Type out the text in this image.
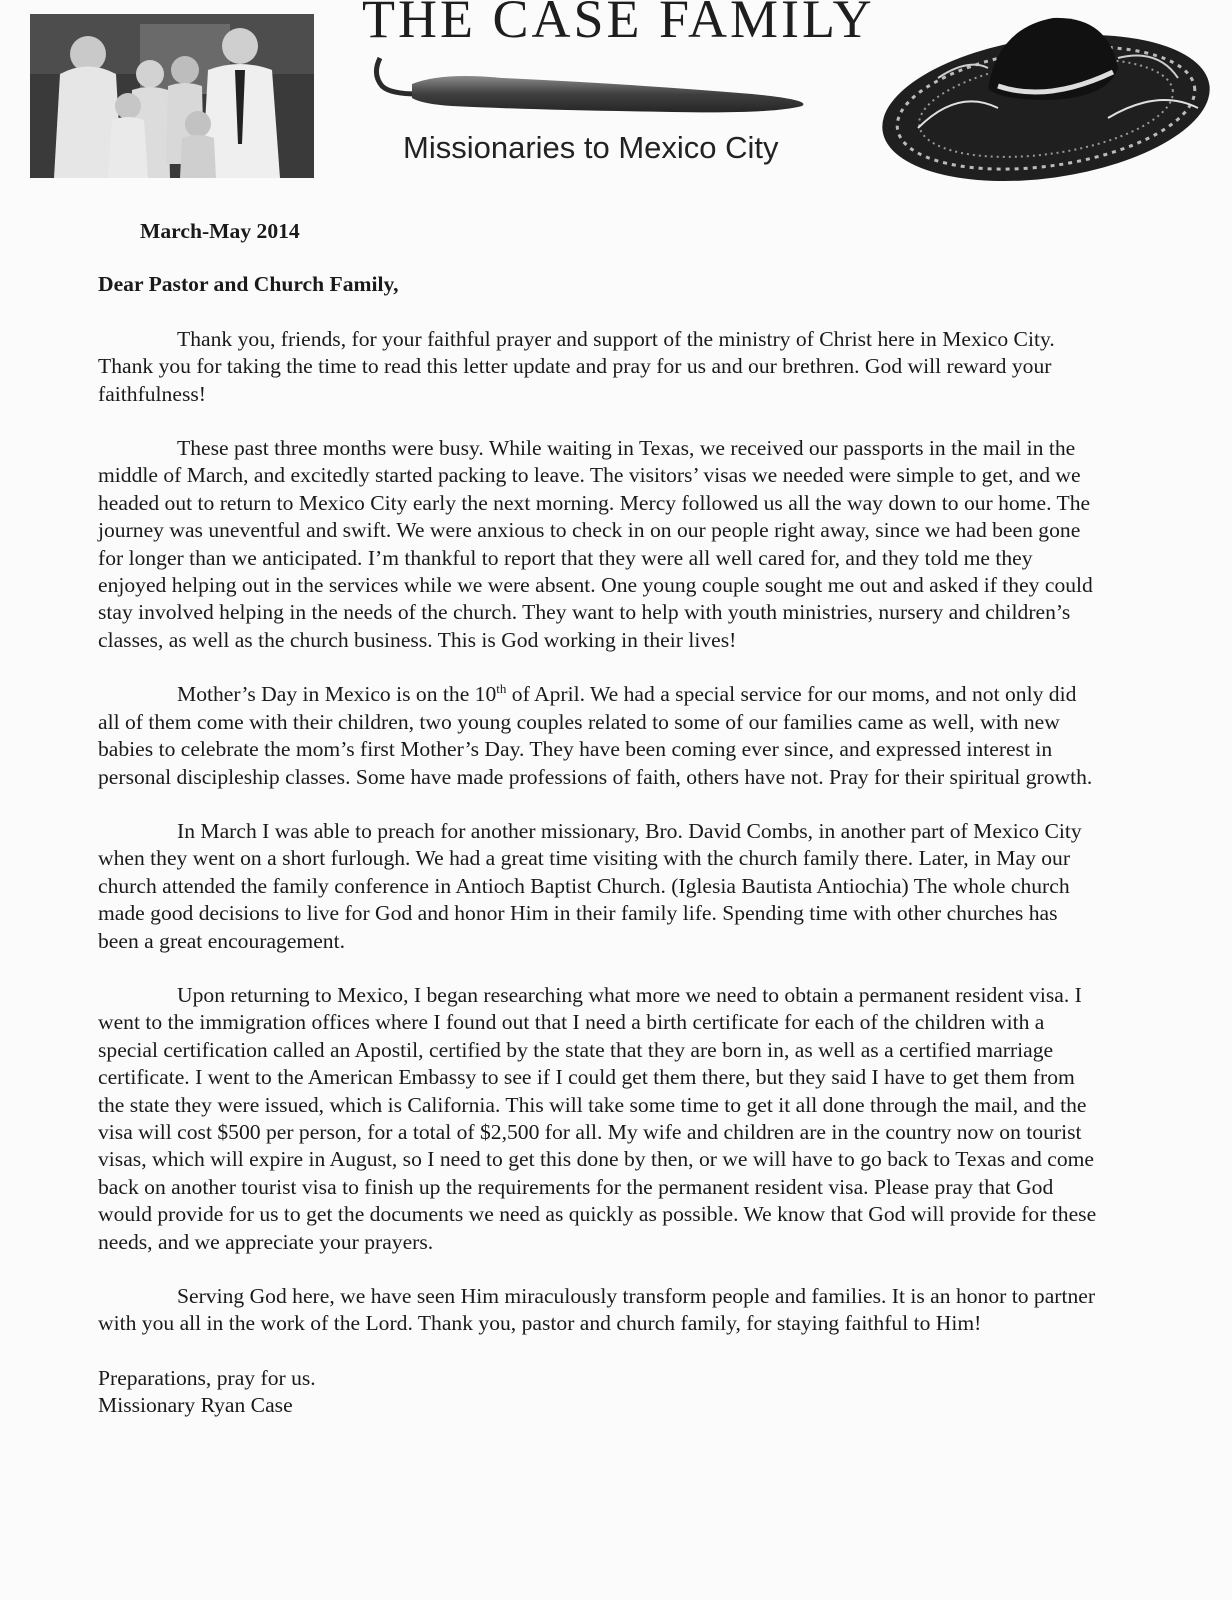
THE CASE FAMILY
Missionaries to Mexico City
March-May 2014
Dear Pastor and Church Family,

Thank you, friends, for your faithful prayer and support of the ministry of Christ here in Mexico City. Thank you for taking the time to read this letter update and pray for us and our brethren. God will reward your faithfulness!

These past three months were busy. While waiting in Texas, we received our passports in the mail in the middle of March, and excitedly started packing to leave. The visitors’ visas we needed were simple to get, and we headed out to return to Mexico City early the next morning. Mercy followed us all the way down to our home. The journey was uneventful and swift. We were anxious to check in on our people right away, since we had been gone for longer than we anticipated. I’m thankful to report that they were all well cared for, and they told me they enjoyed helping out in the services while we were absent. One young couple sought me out and asked if they could stay involved helping in the needs of the church. They want to help with youth ministries, nursery and children’s classes, as well as the church business. This is God working in their lives!

Mother’s Day in Mexico is on the 10th of April. We had a special service for our moms, and not only did all of them come with their children, two young couples related to some of our families came as well, with new babies to celebrate the mom’s first Mother’s Day. They have been coming ever since, and expressed interest in personal discipleship classes. Some have made professions of faith, others have not. Pray for their spiritual growth.

In March I was able to preach for another missionary, Bro. David Combs, in another part of Mexico City when they went on a short furlough. We had a great time visiting with the church family there. Later, in May our church attended the family conference in Antioch Baptist Church. (Iglesia Bautista Antiochia) The whole church made good decisions to live for God and honor Him in their family life. Spending time with other churches has been a great encouragement.

Upon returning to Mexico, I began researching what more we need to obtain a permanent resident visa. I went to the immigration offices where I found out that I need a birth certificate for each of the children with a special certification called an Apostil, certified by the state that they are born in, as well as a certified marriage certificate. I went to the American Embassy to see if I could get them there, but they said I have to get them from the state they were issued, which is California. This will take some time to get it all done through the mail, and the visa will cost $500 per person, for a total of $2,500 for all. My wife and children are in the country now on tourist visas, which will expire in August, so I need to get this done by then, or we will have to go back to Texas and come back on another tourist visa to finish up the requirements for the permanent resident visa. Please pray that God would provide for us to get the documents we need as quickly as possible. We know that God will provide for these needs, and we appreciate your prayers.

Serving God here, we have seen Him miraculously transform people and families. It is an honor to partner with you all in the work of the Lord. Thank you, pastor and church family, for staying faithful to Him!

Preparations, pray for us.
Missionary Ryan Case
